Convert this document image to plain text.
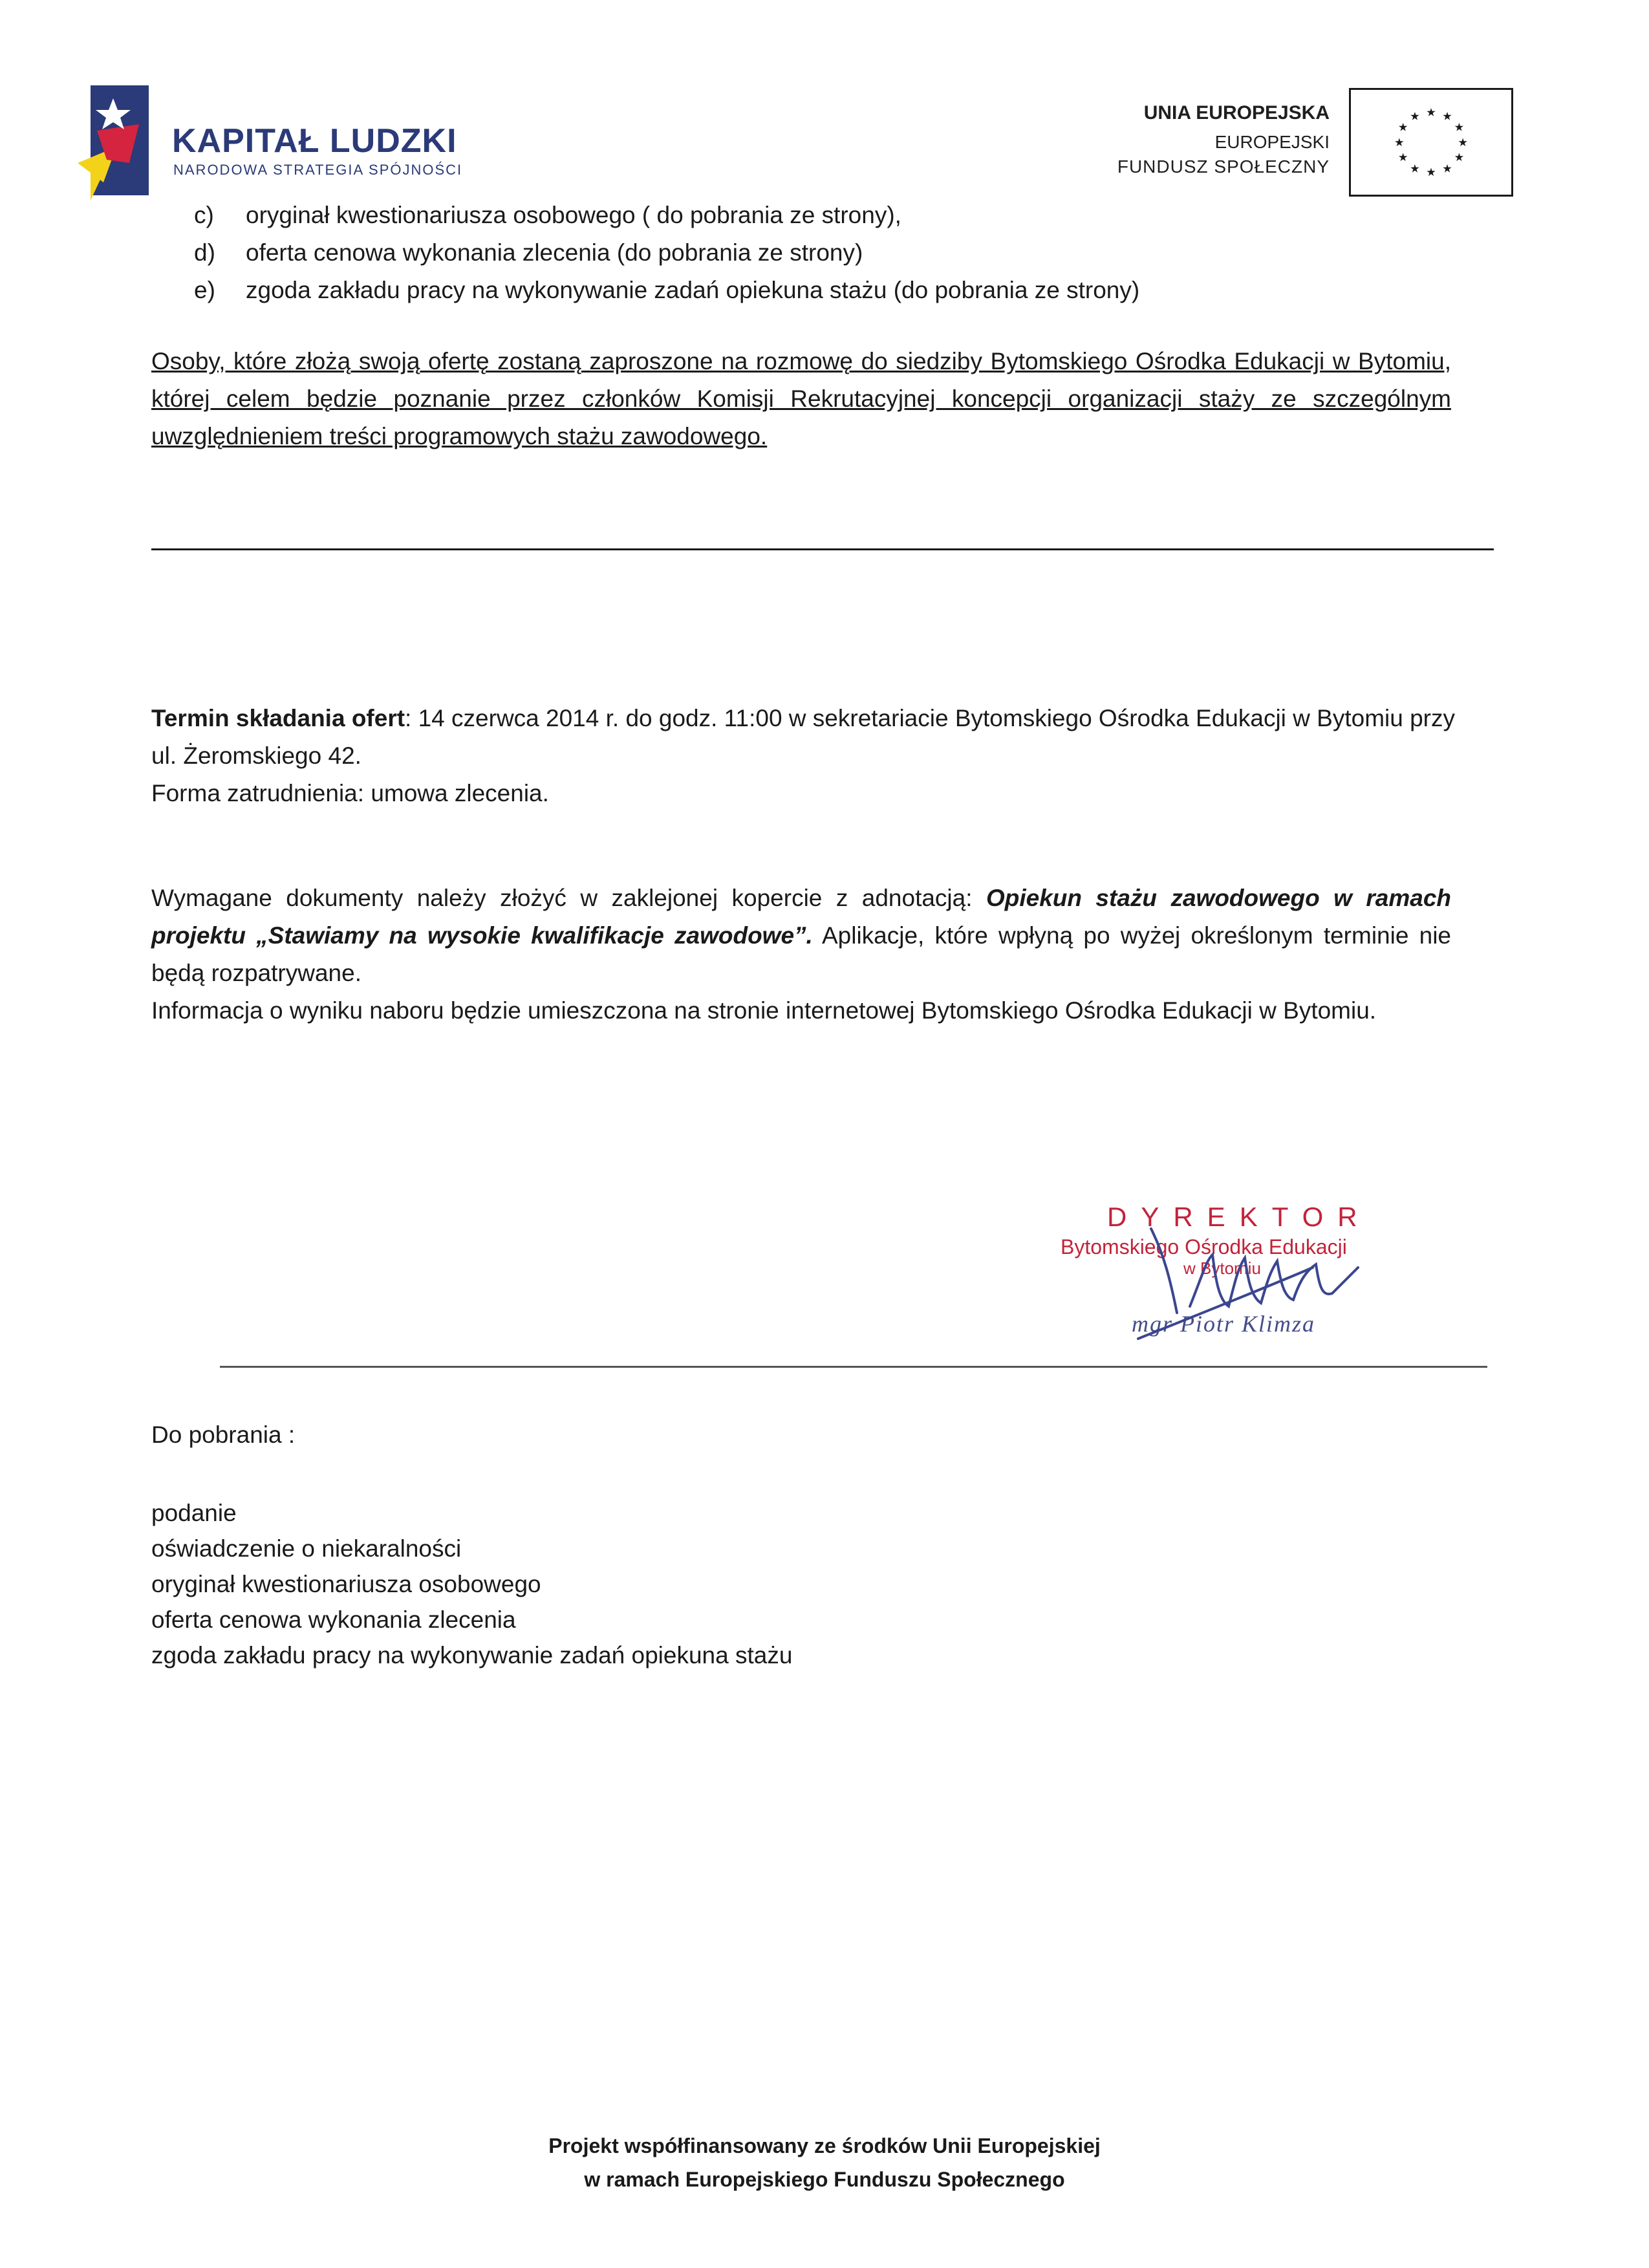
KAPITAŁ LUDZKI
NARODOWA STRATEGIA SPÓJNOŚCI
UNIA EUROPEJSKA
EUROPEJSKI
FUNDUSZ SPOŁECZNY
★ ★
★
★
★
★
★
★
★
★
★ ★
c) oryginał kwestionariusza osobowego ( do pobrania ze strony),
d) oferta cenowa wykonania zlecenia (do pobrania ze strony)
e) zgoda zakładu pracy na wykonywanie zadań opiekuna stażu (do pobrania ze strony)
Osoby, które złożą swoją ofertę zostaną zaproszone na rozmowę do siedziby Bytomskiego Ośrodka Edukacji w Bytomiu, której celem będzie poznanie przez członków Komisji Rekrutacyjnej koncepcji organizacji staży ze szczególnym uwzględnieniem treści programowych stażu zawodowego.
Termin składania ofert: 14 czerwca 2014 r. do godz. 11:00 w sekretariacie Bytomskiego Ośrodka Edukacji w Bytomiu przy ul. Żeromskiego 42.
Forma zatrudnienia: umowa zlecenia.
Wymagane dokumenty należy złożyć w zaklejonej kopercie z adnotacją: Opiekun stażu zawodowego w ramach projektu „Stawiamy na wysokie kwalifikacje zawodowe”. Aplikacje, które wpłyną po wyżej określonym terminie nie będą rozpatrywane.
Informacja o wyniku naboru będzie umieszczona na stronie internetowej Bytomskiego Ośrodka Edukacji w Bytomiu.
DYREKTOR
Bytomskiego Ośrodka Edukacji
w Bytomiu
mgr Piotr Klimza
Do pobrania :
podanie
oświadczenie o niekaralności
oryginał kwestionariusza osobowego
oferta cenowa wykonania zlecenia
zgoda zakładu pracy na wykonywanie zadań opiekuna stażu
Projekt współfinansowany ze środków Unii Europejskiej
w ramach Europejskiego Funduszu Społecznego
